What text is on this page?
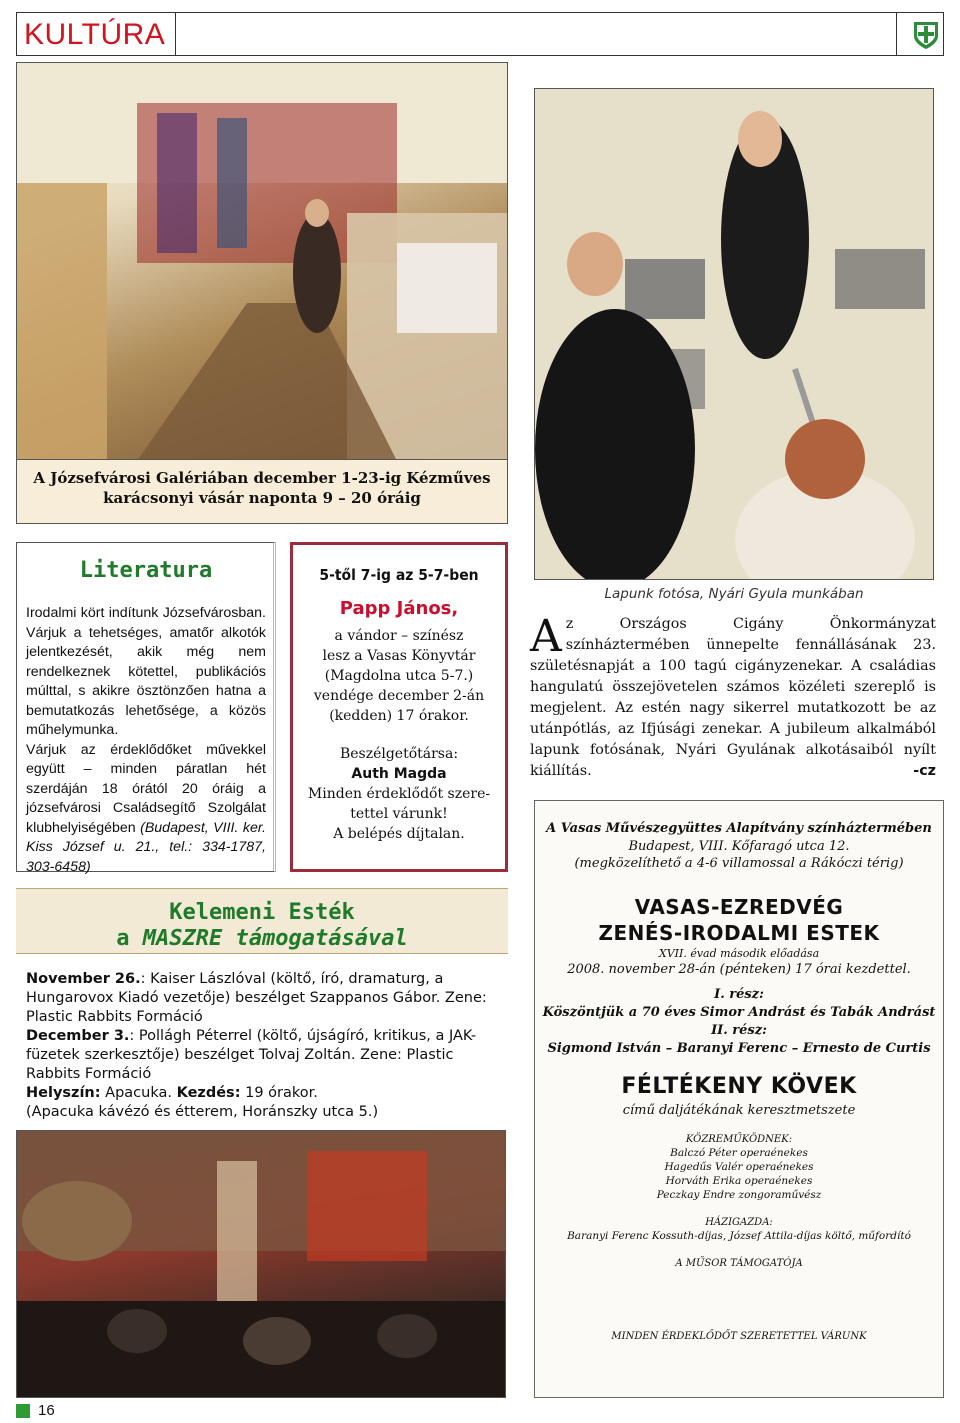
KULTÚRA
A Józsefvárosi Galériában december 1-23-ig Kézműves
karácsonyi vásár naponta 9 – 20 óráig
Literatura

Irodalmi kört indítunk Józsefvárosban. Várjuk a tehetséges, amatőr alkotók jelentkezését, akik még nem rendelkeznek kötettel, publikációs múlttal, s akikre ösztönzően hatna a bemutatkozás lehetősége, a közös műhelymunka.

Várjuk az érdeklődőket művekkel együtt – minden páratlan hét szerdáján 18 órától 20 óráig a józsefvárosi Családsegítő Szolgálat klubhelyiségében (Budapest, VIII. ker. Kiss József u. 21., tel.: 334-1787, 303-6458)

5-től 7-ig az 5-7-ben
Papp János,
a vándor – színész
lesz a Vasas Könyvtár
(Magdolna utca 5-7.)
vendége december 2-án
(kedden) 17 órakor.

Beszélgetőtársa:
Auth Magda
Minden érdeklődőt szere-
tettel várunk!
A belépés díjtalan.
Kelemeni Esték
a MASZRE támogatásával

November 26.: Kaiser Lászlóval (költő, író, dramaturg, a Hungarovox Kiadó vezetője) beszélget Szappanos Gábor. Zene: Plastic Rabbits Formáció

December 3.: Pollágh Péterrel (költő, újságíró, kritikus, a JAK-füzetek szerkesztője) beszélget Tolvaj Zoltán. Zene: Plastic Rabbits Formáció

Helyszín: Apacuka. Kezdés: 19 órakor.

(Apacuka kávézó és étterem, Horánszky utca 5.)

Lapunk fotósa, Nyári Gyula munkában
Az Országos Cigány Önkormányzat színháztermében ünnepelte fennállásának 23. születésnapját a 100 tagú cigányzenekar. A családias hangulatú összejövetelen számos közéleti szereplő is megjelent. Az estén nagy sikerrel mutatkozott be az utánpótlás, az Ifjúsági zenekar. A jubileum alkalmából lapunk fotósának, Nyári Gyulának alkotásaiból nyílt kiállítás.	-cz
A Vasas Művészegyüttes Alapítvány színháztermében
Budapest, VIII. Kőfaragó utca 12.
(megközelíthető a 4-6 villamossal a Rákóczi térig)
VASAS-EZREDVÉG
ZENÉS-IRODALMI ESTEK
XVII. évad második előadása
2008. november 28-án (pénteken) 17 órai kezdettel.
I. rész:
Köszöntjük a 70 éves Simor Andrást és Tabák Andrást
II. rész:
Sigmond István – Baranyi Ferenc – Ernesto de Curtis
FÉLTÉKENY KÖVEK
című daljátékának keresztmetszete
KÖZREMŰKÖDNEK:
Balczó Péter operaénekes
Hagedűs Valér operaénekes
Horváth Erika operaénekes
Peczkay Endre zongoraművész
HÁZIGAZDA:
Baranyi Ferenc Kossuth-díjas, József Attila-díjas költő, műfordító
A MŰSOR TÁMOGATÓJA
MINDEN ÉRDEKLŐDŐT SZERETETTEL VÁRUNK
16
